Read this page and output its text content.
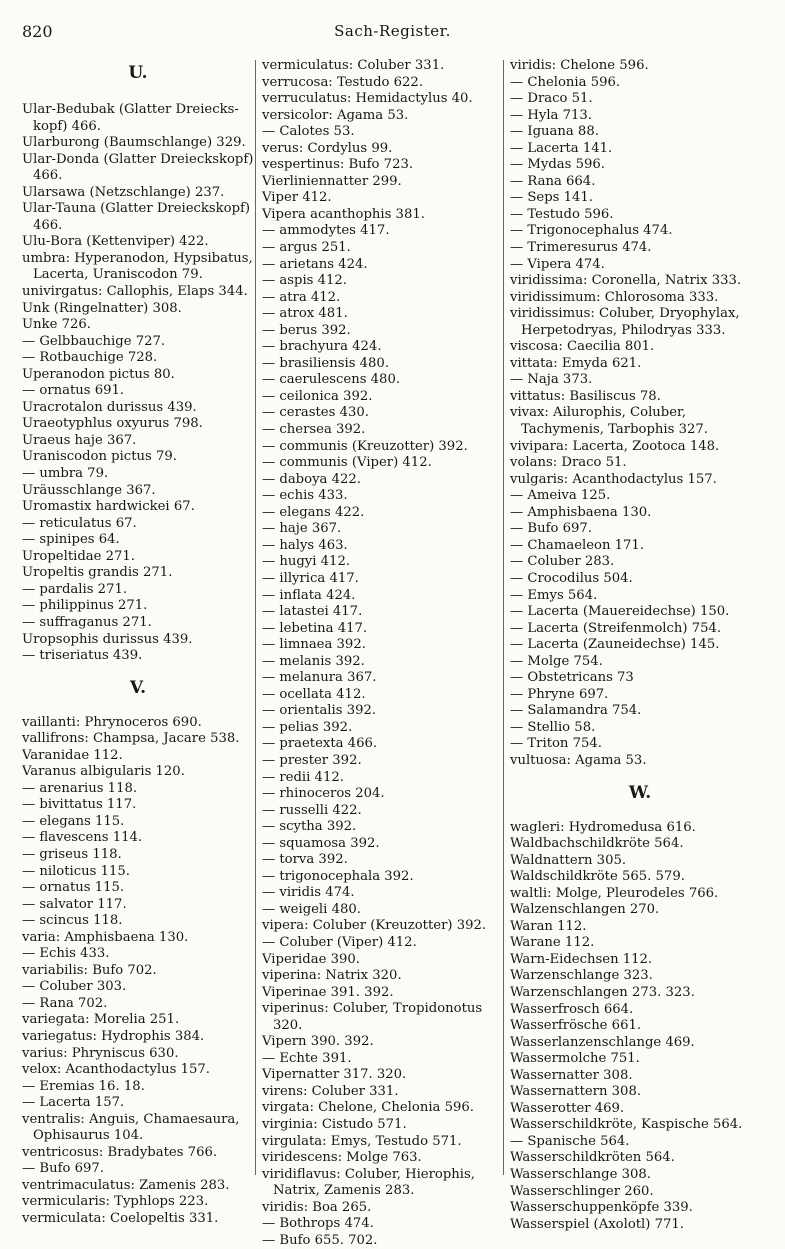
820	Sach-Register.
U.
Ular-Bedubak (Glatter Dreiecks-kopf) 466.
Ularburong (Baumschlange) 329.
Ular-Donda (Glatter Dreieckskopf) 466.
Ularsawa (Netzschlange) 237.
Ular-Tauna (Glatter Dreieckskopf) 466.
Ulu-Bora (Kettenviper) 422.
umbra: Hyperanodon, Hypsibatus, Lacerta, Uraniscodon 79.
univirgatus: Callophis, Elaps 344.
Unk (Ringelnatter) 308.
Unke 726.
— Gelbbauchige 727.
— Rotbauchige 728.
Uperanodon pictus 80.
— ornatus 691.
Uracrotalon durissus 439.
Uraeotyphlus oxyurus 798.
Uraeus haje 367.
Uraniscodon pictus 79.
— umbra 79.
Uräusschlange 367.
Uromastix hardwickei 67.
— reticulatus 67.
— spinipes 64.
Uropeltidae 271.
Uropeltis grandis 271.
— pardalis 271.
— philippinus 271.
— suffraganus 271.
Uropsophis durissus 439.
— triseriatus 439.
V.
vaillanti: Phrynoceros 690.
vallifrons: Champsa, Jacare 538.
Varanidae 112.
Varanus albigularis 120.
— arenarius 118.
— bivittatus 117.
— elegans 115.
— flavescens 114.
— griseus 118.
— niloticus 115.
— ornatus 115.
— salvator 117.
— scincus 118.
varia: Amphisbaena 130.
— Echis 433.
variabilis: Bufo 702.
— Coluber 303.
— Rana 702.
variegata: Morelia 251.
variegatus: Hydrophis 384.
varius: Phryniscus 630.
velox: Acanthodactylus 157.
— Eremias 16. 18.
— Lacerta 157.
ventralis: Anguis, Chamaesaura, Ophisaurus 104.
ventricosus: Bradybates 766.
— Bufo 697.
ventrimaculatus: Zamenis 283.
vermicularis: Typhlops 223.
vermiculata: Coelopeltis 331.
vermiculatus: Coluber 331.
verrucosa: Testudo 622.
verruculatus: Hemidactylus 40.
versicolor: Agama 53.
— Calotes 53.
verus: Cordylus 99.
vespertinus: Bufo 723.
Vierliniennatter 299.
Viper 412.
Vipera acanthophis 381.
— ammodytes 417.
— argus 251.
— arietans 424.
— aspis 412.
— atra 412.
— atrox 481.
— berus 392.
— brachyura 424.
— brasiliensis 480.
— caerulescens 480.
— ceilonica 392.
— cerastes 430.
— chersea 392.
— communis (Kreuzotter) 392.
— communis (Viper) 412.
— daboya 422.
— echis 433.
— elegans 422.
— haje 367.
— halys 463.
— hugyi 412.
— illyrica 417.
— inflata 424.
— latastei 417.
— lebetina 417.
— limnaea 392.
— melanis 392.
— melanura 367.
— ocellata 412.
— orientalis 392.
— pelias 392.
— praetexta 466.
— prester 392.
— redii 412.
— rhinoceros 204.
— russelli 422.
— scytha 392.
— squamosa 392.
— torva 392.
— trigonocephala 392.
— viridis 474.
— weigeli 480.
vipera: Coluber (Kreuzotter) 392.
— Coluber (Viper) 412.
Viperidae 390.
viperina: Natrix 320.
Viperinae 391. 392.
viperinus: Coluber, Tropidonotus 320.
Vipern 390. 392.
— Echte 391.
Vipernatter 317. 320.
virens: Coluber 331.
virgata: Chelone, Chelonia 596.
virginia: Cistudo 571.
virgulata: Emys, Testudo 571.
viridescens: Molge 763.
viridiflavus: Coluber, Hierophis, Natrix, Zamenis 283.
viridis: Boa 265.
— Bothrops 474.
— Bufo 655. 702.
viridis: Chelone 596.
— Chelonia 596.
— Draco 51.
— Hyla 713.
— Iguana 88.
— Lacerta 141.
— Mydas 596.
— Rana 664.
— Seps 141.
— Testudo 596.
— Trigonocephalus 474.
— Trimeresurus 474.
— Vipera 474.
viridissima: Coronella, Natrix 333.
viridissimum: Chlorosoma 333.
viridissimus: Coluber, Dryophylax, Herpetodryas, Philodryas 333.
viscosa: Caecilia 801.
vittata: Emyda 621.
— Naja 373.
vittatus: Basiliscus 78.
vivax: Ailurophis, Coluber, Tachymenis, Tarbophis 327.
vivipara: Lacerta, Zootoca 148.
volans: Draco 51.
vulgaris: Acanthodactylus 157.
— Ameiva 125.
— Amphisbaena 130.
— Bufo 697.
— Chamaeleon 171.
— Coluber 283.
— Crocodilus 504.
— Emys 564.
— Lacerta (Mauereidechse) 150.
— Lacerta (Streifenmolch) 754.
— Lacerta (Zauneidechse) 145.
— Molge 754.
— Obstetricans 73
— Phryne 697.
— Salamandra 754.
— Stellio 58.
— Triton 754.
vultuosa: Agama 53.
W.
wagleri: Hydromedusa 616.
Waldbachschildkröte 564.
Waldnattern 305.
Waldschildkröte 565. 579.
waltli: Molge, Pleurodeles 766.
Walzenschlangen 270.
Waran 112.
Warane 112.
Warn-Eidechsen 112.
Warzenschlange 323.
Warzenschlangen 273. 323.
Wasserfrosch 664.
Wasserfrösche 661.
Wasserlanzenschlange 469.
Wassermolche 751.
Wassernatter 308.
Wassernattern 308.
Wasserotter 469.
Wasserschildkröte, Kaspische 564.
— Spanische 564.
Wasserschildkröten 564.
Wasserschlange 308.
Wasserschlinger 260.
Wasserschuppenköpfe 339.
Wasserspiel (Axolotl) 771.
